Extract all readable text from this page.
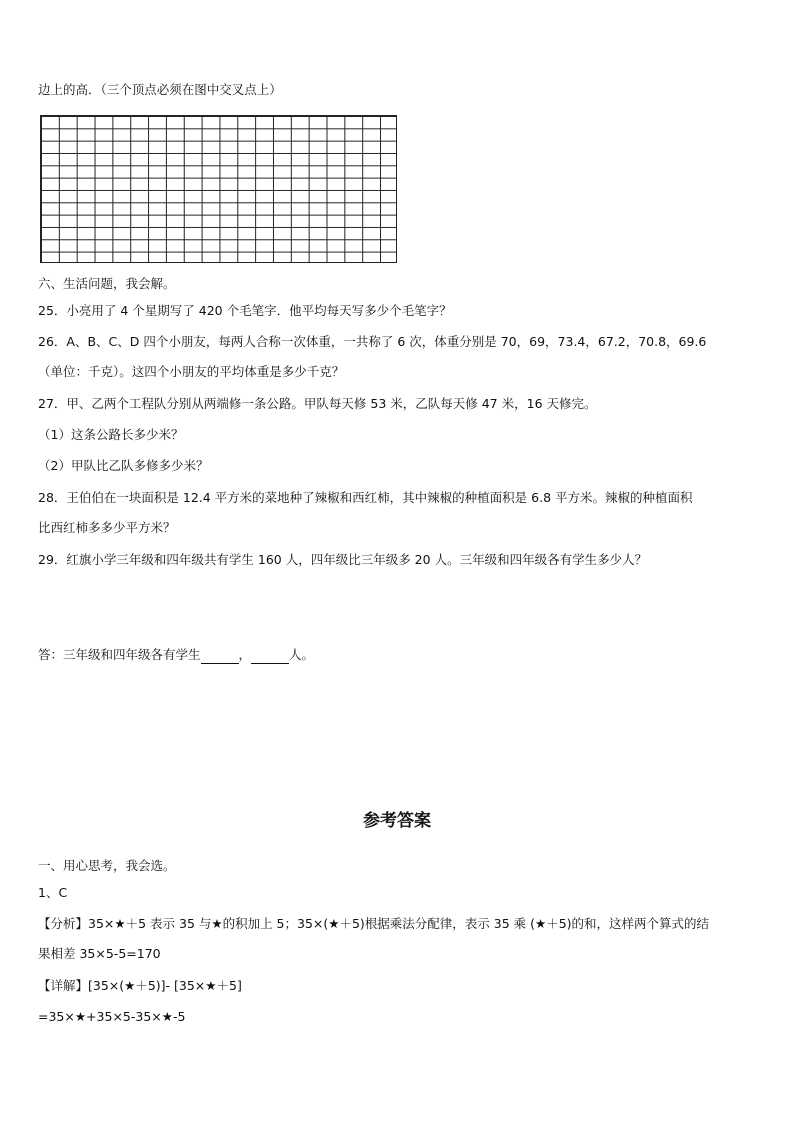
边上的高．（三个顶点必须在图中交叉点上）
六、生活问题，我会解。
25．小亮用了 4 个星期写了 420 个毛笔字．他平均每天写多少个毛笔字？
26．A、B、C、D 四个小朋友，每两人合称一次体重，一共称了 6 次，体重分别是 70，69，73.4，67.2，70.8，69.6
（单位：千克）。这四个小朋友的平均体重是多少千克？
27．甲、乙两个工程队分别从两端修一条公路。甲队每天修 53 米，乙队每天修 47 米，16 天修完。
（1）这条公路长多少米？
（2）甲队比乙队多修多少米？
28．王伯伯在一块面积是 12.4 平方米的菜地种了辣椒和西红柿，其中辣椒的种植面积是 6.8 平方米。辣椒的种植面积
比西红柿多多少平方米？
29．红旗小学三年级和四年级共有学生 160 人，四年级比三年级多 20 人。三年级和四年级各有学生多少人？
答：三年级和四年级各有学生	，	人。
参考答案
一、用心思考，我会选。
1、C
【分析】35×★＋5 表示 35 与★的积加上 5；35×(★＋5)根据乘法分配律，表示 35 乘 (★＋5)的和，这样两个算式的结
果相差 35×5-5=170
【详解】[35×(★＋5)]- [35×★＋5]
=35×★+35×5-35×★-5
